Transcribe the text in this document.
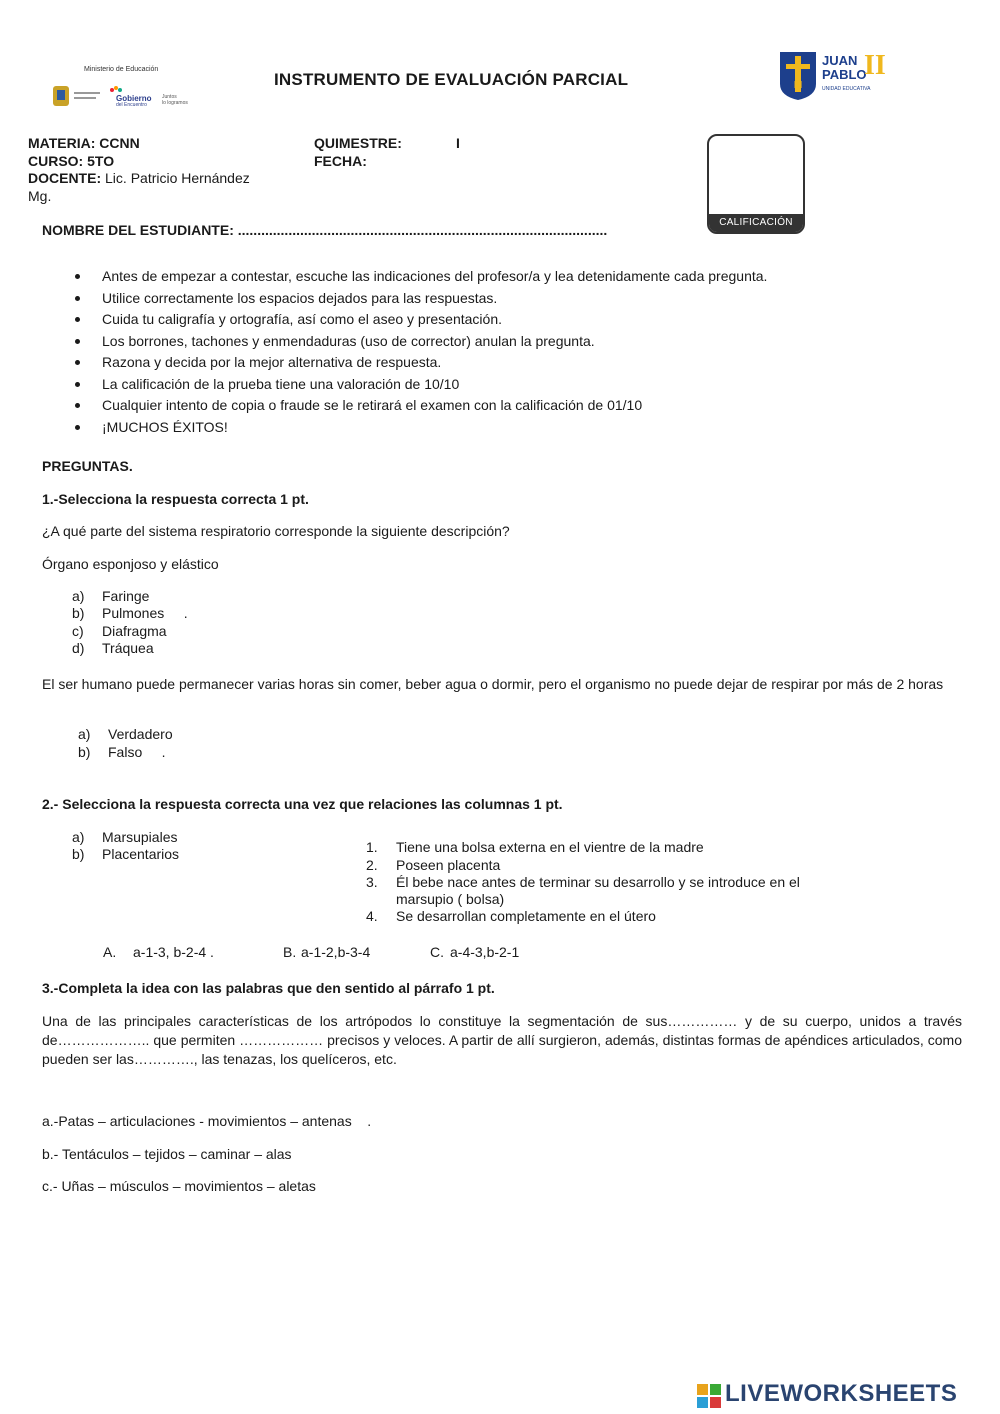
Ministerio de Educación
Gobierno
del Encuentro
Juntos
lo logramos
INSTRUMENTO DE EVALUACIÓN PARCIAL	M
JUAN
PABLO
II
UNIDAD EDUCATIVA
MATERIA: CCNN
CURSO: 5TO
DOCENTE: Lic. Patricio Hernández
Mg.
QUIMESTRE:	I
FECHA:
CALIFICACIÓN
NOMBRE DEL ESTUDIANTE: ...............................................................................................
Antes de empezar a contestar, escuche las indicaciones del profesor/a y lea detenidamente cada pregunta.
Utilice correctamente los espacios dejados para las respuestas.
Cuida tu caligrafía y ortografía, así como el aseo y presentación.
Los borrones, tachones y enmendaduras (uso de corrector) anulan la pregunta.
Razona y decida por la mejor alternativa de respuesta.
La calificación de la prueba tiene una valoración de 10/10
Cualquier intento de copia o fraude se le retirará el examen con la calificación de 01/10
¡MUCHOS ÉXITOS!
PREGUNTAS.
1.-Selecciona la respuesta correcta 1 pt.
¿A qué parte del sistema respiratorio corresponde la siguiente descripción?
Órgano esponjoso y elástico
a) Faringe
b) Pulmones     .
c) Diafragma
d) Tráquea
El ser humano puede permanecer varias horas sin comer, beber agua o dormir, pero el organismo no puede dejar de respirar por más de 2 horas
a) Verdadero
b) Falso     .
2.- Selecciona la respuesta correcta una vez que relaciones las columnas 1 pt.
a) Marsupiales
b) Placentarios	1. Tiene una bolsa externa en el vientre de la madre
2. Poseen placenta
3. Él bebe nace antes de terminar su desarrollo y se introduce en el
marsupio ( bolsa)
4. Se desarrollan completamente en el útero
A. a-1-3, b-2-4 .	B. a-1-2,b-3-4	C. a-4-3,b-2-1
3.-Completa la idea con las palabras que den sentido al párrafo 1 pt.
Una de las principales características de los artrópodos lo constituye la segmentación de sus…………… y de su cuerpo, unidos a través de……………….. que permiten ……………… precisos y veloces. A partir de allí surgieron, además, distintas formas de apéndices articulados, como pueden ser las…………., las tenazas, los quelíceros, etc.
a.-Patas – articulaciones - movimientos – antenas    .
b.- Tentáculos – tejidos – caminar – alas
c.- Uñas – músculos – movimientos – aletas
LIVEWORKSHEETS
